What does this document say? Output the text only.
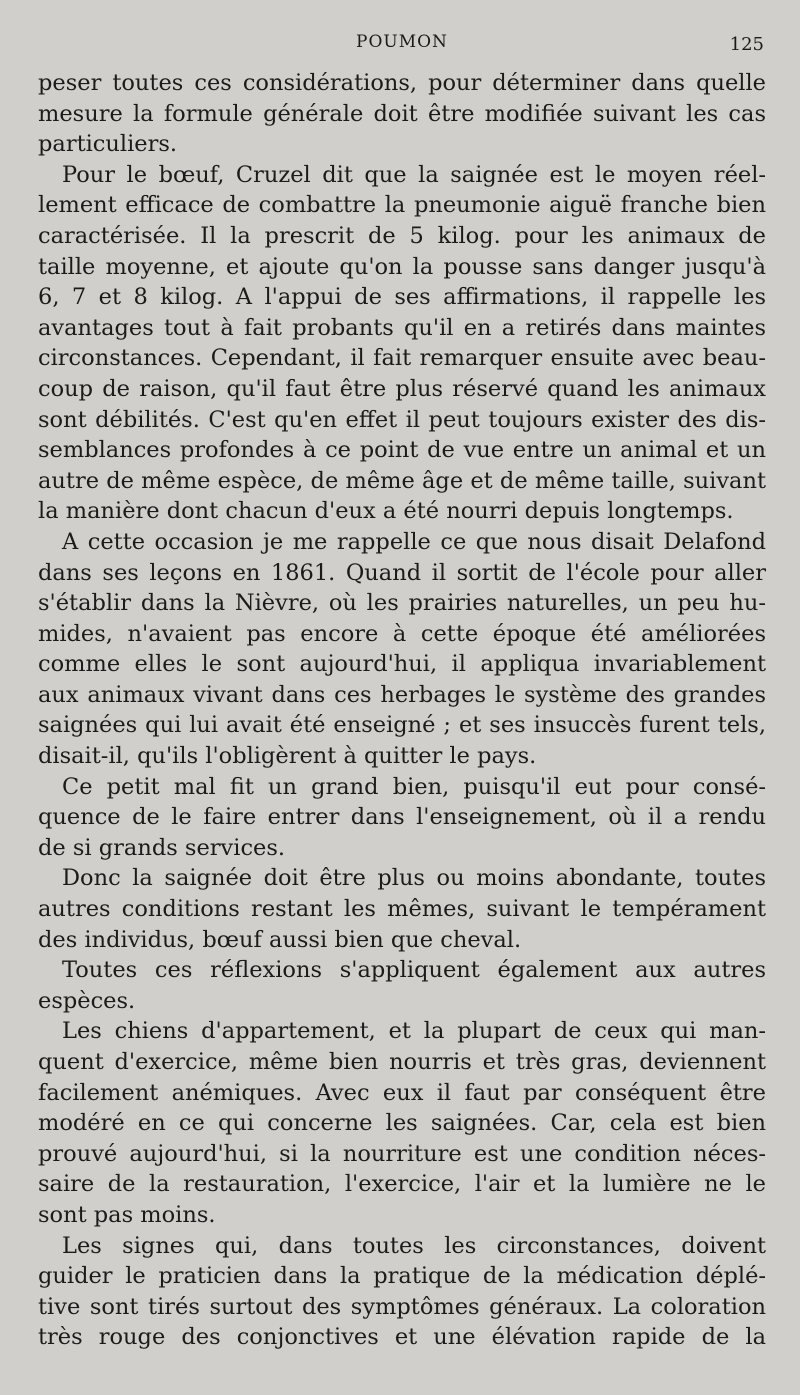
POUMON	125
peser toutes ces considérations, pour déterminer dans quelle
mesure la formule générale doit être modifiée suivant les cas
particuliers.
Pour le bœuf, Cruzel dit que la saignée est le moyen réel-
lement efficace de combattre la pneumonie aiguë franche bien
caractérisée. Il la prescrit de 5 kilog. pour les animaux de
taille moyenne, et ajoute qu'on la pousse sans danger jusqu'à
6, 7 et 8 kilog. A l'appui de ses affirmations, il rappelle les
avantages tout à fait probants qu'il en a retirés dans maintes
circonstances. Cependant, il fait remarquer ensuite avec beau-
coup de raison, qu'il faut être plus réservé quand les animaux
sont débilités. C'est qu'en effet il peut toujours exister des dis-
semblances profondes à ce point de vue entre un animal et un
autre de même espèce, de même âge et de même taille, suivant
la manière dont chacun d'eux a été nourri depuis longtemps.
A cette occasion je me rappelle ce que nous disait Delafond
dans ses leçons en 1861. Quand il sortit de l'école pour aller
s'établir dans la Nièvre, où les prairies naturelles, un peu hu-
mides, n'avaient pas encore à cette époque été améliorées
comme elles le sont aujourd'hui, il appliqua invariablement
aux animaux vivant dans ces herbages le système des grandes
saignées qui lui avait été enseigné ; et ses insuccès furent tels,
disait-il, qu'ils l'obligèrent à quitter le pays.
Ce petit mal fit un grand bien, puisqu'il eut pour consé-
quence de le faire entrer dans l'enseignement, où il a rendu
de si grands services.
Donc la saignée doit être plus ou moins abondante, toutes
autres conditions restant les mêmes, suivant le tempérament
des individus, bœuf aussi bien que cheval.
Toutes ces réflexions s'appliquent également aux autres
espèces.
Les chiens d'appartement, et la plupart de ceux qui man-
quent d'exercice, même bien nourris et très gras, deviennent
facilement anémiques. Avec eux il faut par conséquent être
modéré en ce qui concerne les saignées. Car, cela est bien
prouvé aujourd'hui, si la nourriture est une condition néces-
saire de la restauration, l'exercice, l'air et la lumière ne le
sont pas moins.
Les signes qui, dans toutes les circonstances, doivent
guider le praticien dans la pratique de la médication déplé-
tive sont tirés surtout des symptômes généraux. La coloration
très rouge des conjonctives et une élévation rapide de la
